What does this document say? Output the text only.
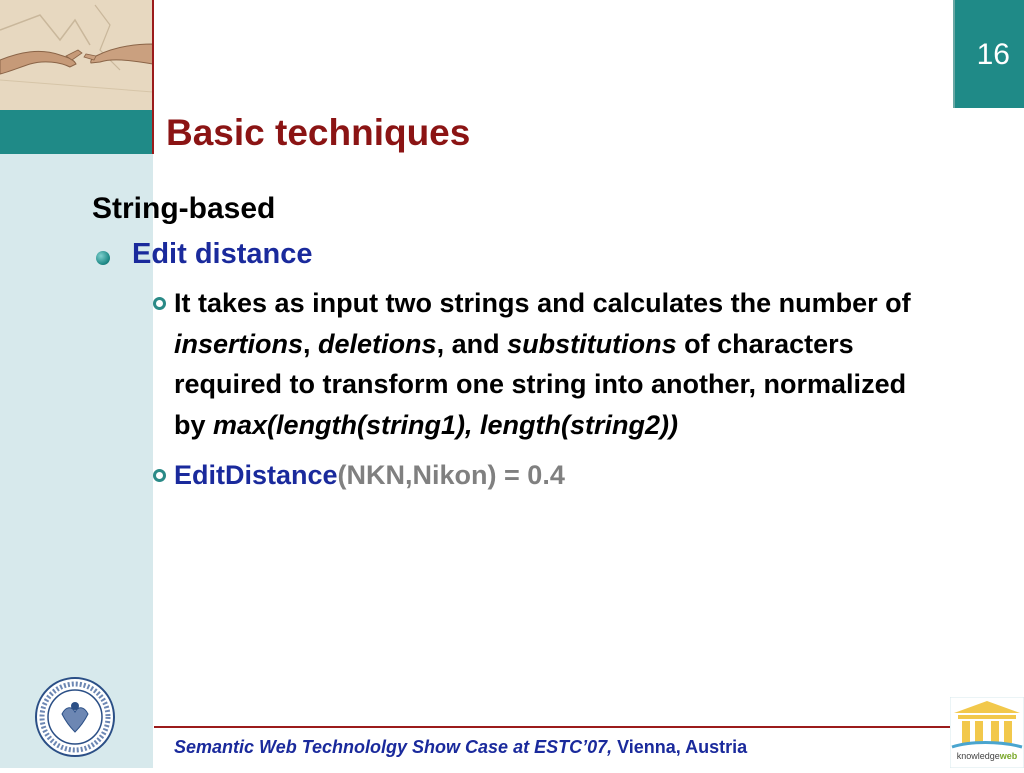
16
Basic techniques
String-based
Edit distance
It takes as input two strings and calculates the number of insertions, deletions, and substitutions of characters required to transform one string into another, normalized by max(length(string1), length(string2))
EditDistance(NKN,Nikon) = 0.4
Semantic Web Technololgy Show Case at ESTC’07, Vienna, Austria	knowledgeweb
